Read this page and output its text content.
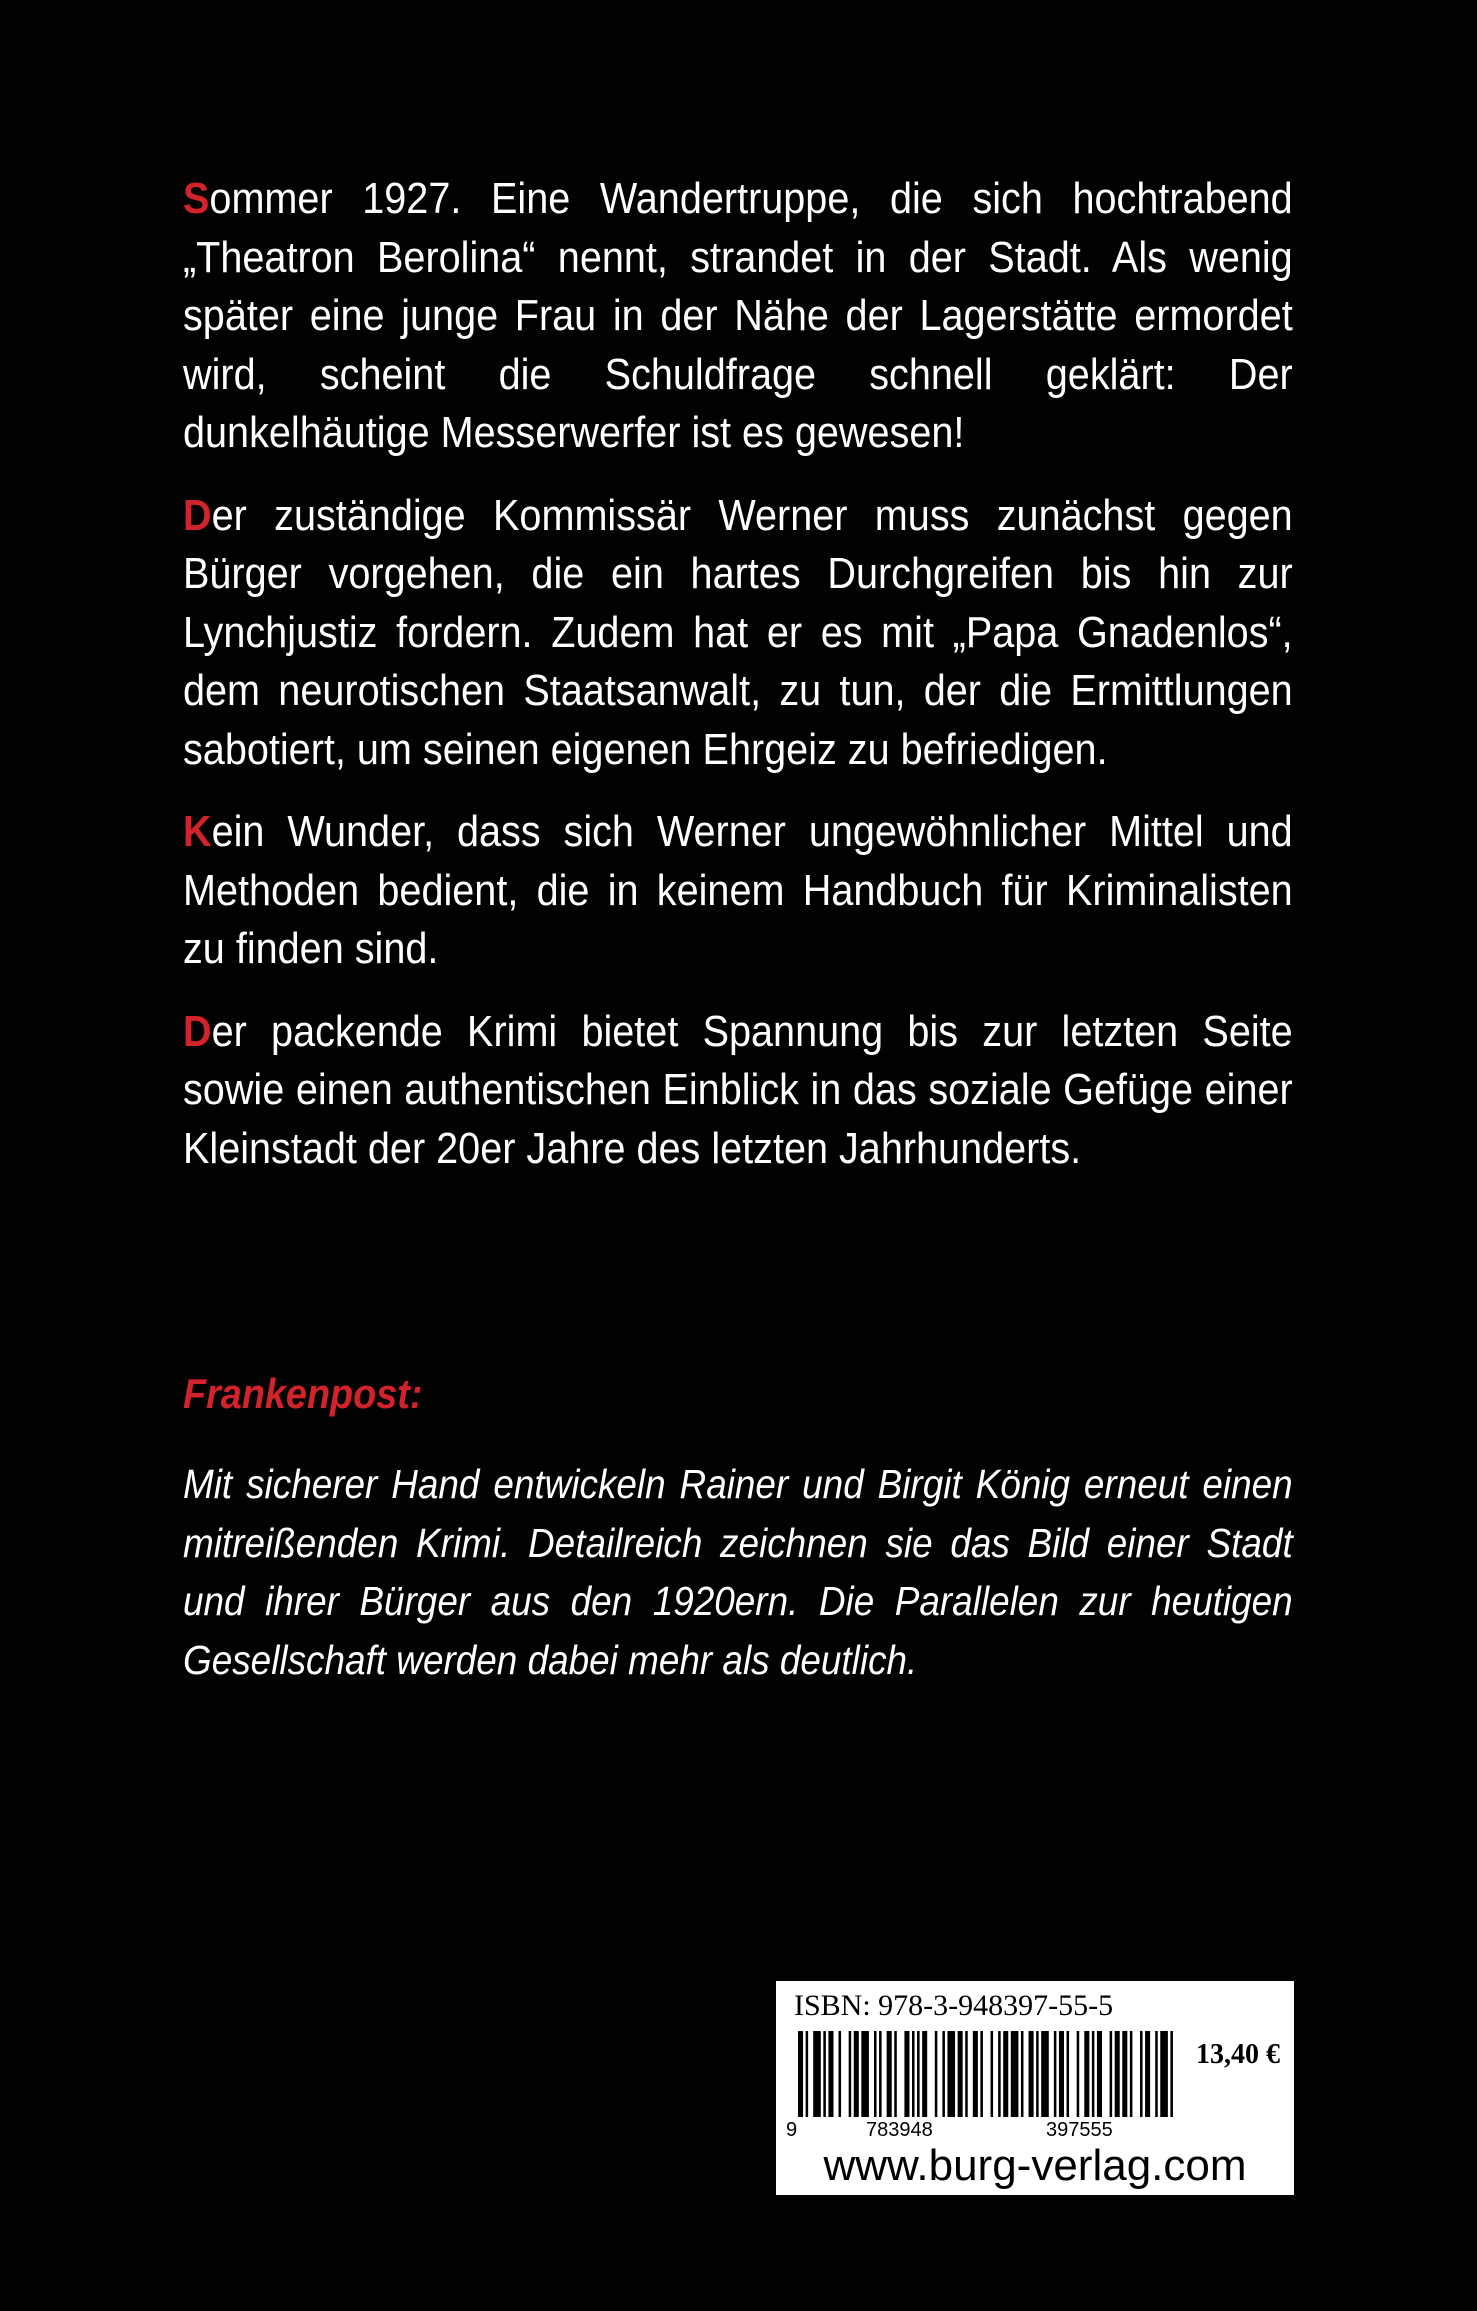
Sommer 1927. Eine Wandertruppe, die sich hochtrabend „Theatron Berolina“ nennt, strandet in der Stadt. Als wenig später eine junge Frau in der Nähe der Lagerstätte ermordet wird, scheint die Schuldfrage schnell geklärt: Der dunkelhäutige Messerwerfer ist es gewesen!

Der zuständige Kommissär Werner muss zunächst gegen Bürger vorgehen, die ein hartes Durchgreifen bis hin zur Lynchjustiz fordern. Zudem hat er es mit „Papa Gnadenlos“, dem neurotischen Staatsanwalt, zu tun, der die Ermittlungen sabotiert, um seinen eigenen Ehrgeiz zu befriedigen.

Kein Wunder, dass sich Werner ungewöhnlicher Mittel und Methoden bedient, die in keinem Handbuch für Kriminalisten zu finden sind.

Der packende Krimi bietet Spannung bis zur letzten Seite sowie einen authentischen Einblick in das soziale Gefüge einer Kleinstadt der 20er Jahre des letzten Jahrhunderts.

Frankenpost:
Mit sicherer Hand entwickeln Rainer und Birgit König erneut einen mitreißenden Krimi. Detailreich zeichnen sie das Bild einer Stadt und ihrer Bürger aus den 1920ern. Die Parallelen zur heutigen Gesellschaft werden dabei mehr als deutlich.
ISBN: 978-3-948397-55-5
13,40 €
9	783948	397555
www.burg-verlag.com
